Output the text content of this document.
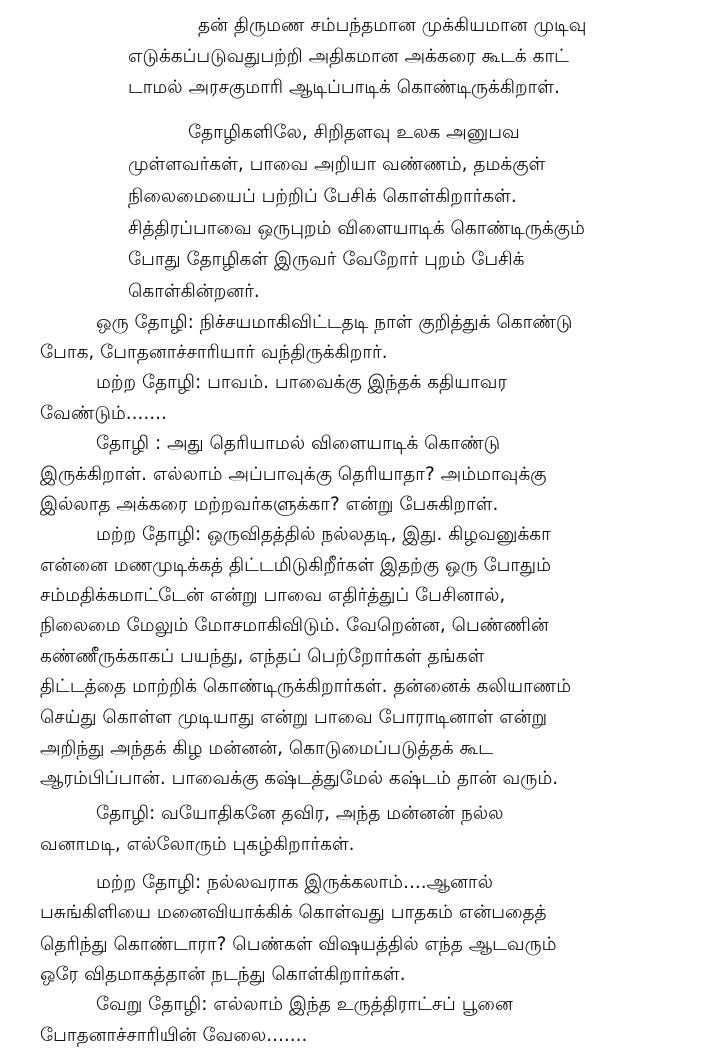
தன் திருமண சம்பந்தமான முக்கியமான முடிவு
எடுக்கப்படுவதுபற்றி அதிகமான அக்கரை கூடக் காட்
டாமல் அரசகுமாரி ஆடிப்பாடிக் கொண்டிருக்கிறாள்.
தோழிகளிலே, சிறிதளவு உலக அனுபவ
முள்ளவர்கள், பாவை அறியா வண்ணம், தமக்குள்
நிலைமையைப் பற்றிப் பேசிக் கொள்கிறார்கள்.
சித்திரப்பாவை ஒருபுறம் விளையாடிக் கொண்டிருக்கும்
போது தோழிகள் இருவர் வேறோர் புறம் பேசிக்
கொள்கின்றனர்.
ஒரு தோழி: நிச்சயமாகிவிட்டதடி நாள் குறித்துக் கொண்டு
போக, போதனாச்சாரியார் வந்திருக்கிறார்.
மற்ற தோழி: பாவம். பாவைக்கு இந்தக் கதியாவர
வேண்டும்.......
தோழி : அது தெரியாமல் விளையாடிக் கொண்டு
இருக்கிறாள். எல்லாம் அப்பாவுக்கு தெரியாதா? அம்மாவுக்கு
இல்லாத அக்கரை மற்றவர்களுக்கா? என்று பேசுகிறாள்.
மற்ற தோழி: ஒருவிதத்தில் நல்லதடி, இது. கிழவனுக்கா
என்னை மணமுடிக்கத் திட்டமிடுகிறீர்கள் இதற்கு ஒரு போதும்
சம்மதிக்கமாட்டேன் என்று பாவை எதிர்த்துப் பேசினால்,
நிலைமை மேலும் மோசமாகிவிடும். வேறென்ன, பெண்ணின்
கண்ணீருக்காகப் பயந்து, எந்தப் பெற்றோர்கள் தங்கள்
திட்டத்தை மாற்றிக் கொண்டிருக்கிறார்கள். தன்னைக் கலியாணம்
செய்து கொள்ள முடியாது என்று பாவை போராடினாள் என்று
அறிந்து அந்தக் கிழ மன்னன், கொடுமைப்படுத்தக் கூட
ஆரம்பிப்பான். பாவைக்கு கஷ்டத்துமேல் கஷ்டம் தான் வரும்.
தோழி: வயோதிகனே தவிர, அந்த மன்னன் நல்ல
வனாமடி, எல்லோரும் புகழ்கிறார்கள்.
மற்ற தோழி: நல்லவராக இருக்கலாம்....ஆனால்
பசுங்கிளியை மனைவியாக்கிக் கொள்வது பாதகம் என்பதைத்
தெரிந்து கொண்டாரா? பெண்கள் விஷயத்தில் எந்த ஆடவரும்
ஒரே விதமாகத்தான் நடந்து கொள்கிறார்கள்.
வேறு தோழி: எல்லாம் இந்த உருத்திராட்சப் பூனை
போதனாச்சாரியின் வேலை.......
